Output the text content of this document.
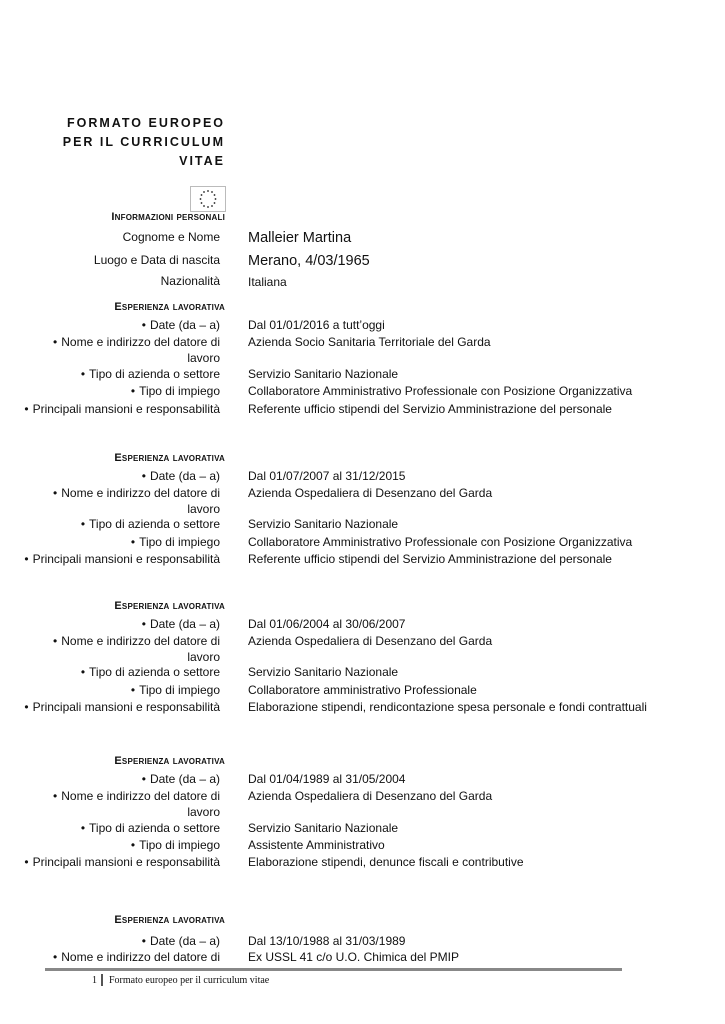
FORMATO EUROPEO
PER IL CURRICULUM
VITAE
Informazioni personali
Cognome e Nome Malleier Martina
Luogo e Data di nascita Merano, 4/03/1965
Nazionalità Italiana
Esperienza lavorativa
• Date (da – a) Dal 01/01/2016 a tutt’oggi
• Nome e indirizzo del datore di lavoro
Azienda Socio Sanitaria Territoriale del Garda
• Tipo di azienda o settore Servizio Sanitario Nazionale
• Tipo di impiego Collaboratore Amministrativo Professionale con Posizione Organizzativa
• Principali mansioni e responsabilità Referente ufficio stipendi del Servizio Amministrazione del personale
Esperienza lavorativa
• Date (da – a) Dal 01/07/2007 al 31/12/2015
• Nome e indirizzo del datore di lavoro
Azienda Ospedaliera di Desenzano del Garda
• Tipo di azienda o settore Servizio Sanitario Nazionale
• Tipo di impiego Collaboratore Amministrativo Professionale con Posizione Organizzativa
• Principali mansioni e responsabilità Referente ufficio stipendi del Servizio Amministrazione del personale
Esperienza lavorativa
• Date (da – a) Dal 01/06/2004 al 30/06/2007
• Nome e indirizzo del datore di lavoro
Azienda Ospedaliera di Desenzano del Garda
• Tipo di azienda o settore Servizio Sanitario Nazionale
• Tipo di impiego Collaboratore amministrativo Professionale
• Principali mansioni e responsabilità Elaborazione stipendi, rendicontazione spesa personale e fondi contrattuali
Esperienza lavorativa
• Date (da – a) Dal 01/04/1989 al 31/05/2004
• Nome e indirizzo del datore di lavoro
Azienda Ospedaliera di Desenzano del Garda
• Tipo di azienda o settore Servizio Sanitario Nazionale
• Tipo di impiego Assistente Amministrativo
• Principali mansioni e responsabilità Elaborazione stipendi, denunce fiscali e contributive
Esperienza lavorativa
• Date (da – a) Dal 13/10/1988 al 31/03/1989
• Nome e indirizzo del datore di Ex USSL 41 c/o U.O. Chimica del PMIP
1 Formato europeo per il curriculum vitae
